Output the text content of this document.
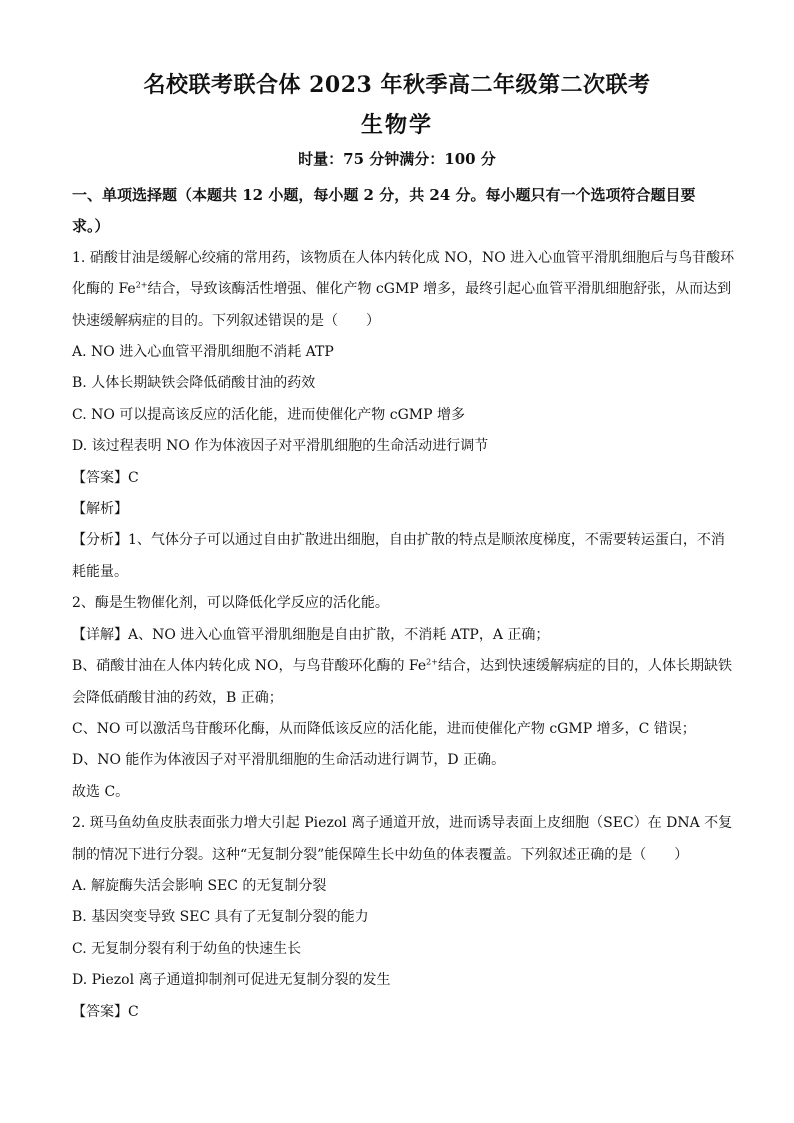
名校联考联合体 2023 年秋季高二年级第二次联考
生物学
时量：75 分钟满分：100 分

一、单项选择题（本题共 12 小题，每小题 2 分，共 24 分。每小题只有一个选项符合题目要

求。）

1. 硝酸甘油是缓解心绞痛的常用药，该物质在人体内转化成 NO，NO 进入心血管平滑肌细胞后与鸟苷酸环

化酶的 $Fe^{2+}$结合，导致该酶活性增强、催化产物 cGMP 增多，最终引起心血管平滑肌细胞舒张，从而达到

快速缓解病症的目的。下列叙述错误的是（　　）

A. NO 进入心血管平滑肌细胞不消耗 ATP

B. 人体长期缺铁会降低硝酸甘油的药效

C. NO 可以提高该反应的活化能，进而使催化产物 cGMP 增多

D. 该过程表明 NO 作为体液因子对平滑肌细胞的生命活动进行调节

【答案】C

【解析】

【分析】1、气体分子可以通过自由扩散进出细胞，自由扩散的特点是顺浓度梯度，不需要转运蛋白，不消

耗能量。

2、酶是生物催化剂，可以降低化学反应的活化能。

【详解】A、NO 进入心血管平滑肌细胞是自由扩散，不消耗 ATP，A 正确；

B、硝酸甘油在人体内转化成 NO，与鸟苷酸环化酶的 $Fe^{2+}$结合，达到快速缓解病症的目的，人体长期缺铁

会降低硝酸甘油的药效，B 正确；

C、NO 可以激活鸟苷酸环化酶，从而降低该反应的活化能，进而使催化产物 cGMP 增多，C 错误；

D、NO 能作为体液因子对平滑肌细胞的生命活动进行调节，D 正确。

故选 C。

2. 斑马鱼幼鱼皮肤表面张力增大引起 Piezol 离子通道开放，进而诱导表面上皮细胞（SEC）在 DNA 不复

制的情况下进行分裂。这种“无复制分裂”能保障生长中幼鱼的体表覆盖。下列叙述正确的是（　　）

A. 解旋酶失活会影响 SEC 的无复制分裂

B. 基因突变导致 SEC 具有了无复制分裂的能力

C. 无复制分裂有利于幼鱼的快速生长

D. Piezol 离子通道抑制剂可促进无复制分裂的发生

【答案】C
